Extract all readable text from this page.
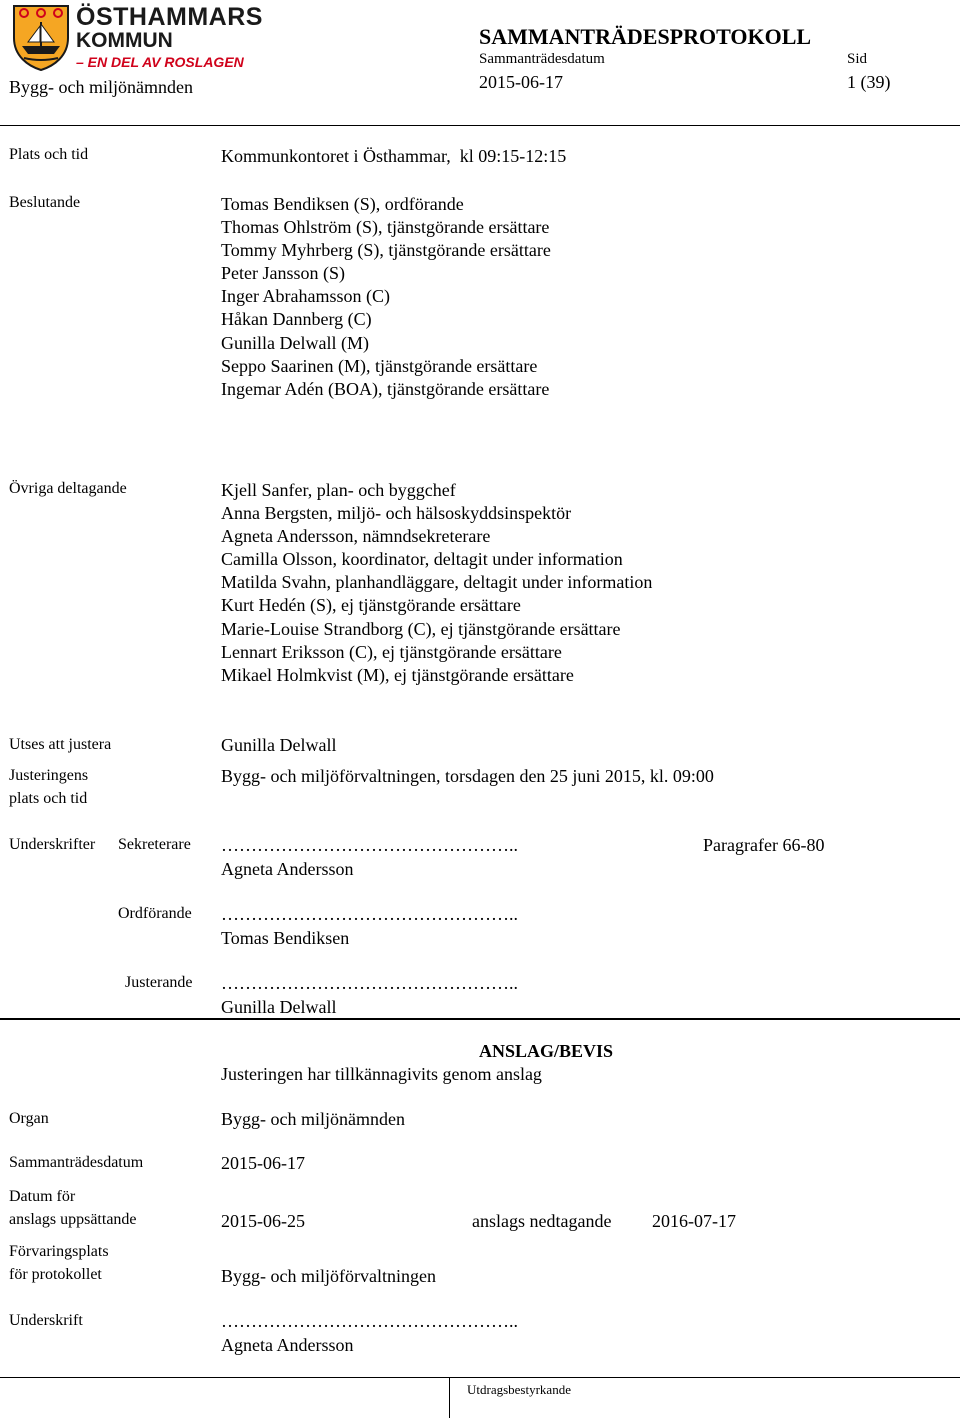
ÖSTHAMMARS
KOMMUN
– EN DEL AV ROSLAGEN
SAMMANTRÄDESPROTOKOLL
Bygg- och miljönämnden
Sammanträdesdatum
2015-06-17
Sid
1 (39)
Plats och tid	Kommunkontoret i Östhammar,  kl 09:15-12:15
Beslutande	Tomas Bendiksen (S), ordförande
Thomas Ohlström (S), tjänstgörande ersättare
Tommy Myhrberg (S), tjänstgörande ersättare
Peter Jansson (S)
Inger Abrahamsson (C)
Håkan Dannberg (C)
Gunilla Delwall (M)
Seppo Saarinen (M), tjänstgörande ersättare
Ingemar Adén (BOA), tjänstgörande ersättare
Övriga deltagande	Kjell Sanfer, plan- och byggchef
Anna Bergsten, miljö- och hälsoskyddsinspektör
Agneta Andersson, nämndsekreterare
Camilla Olsson, koordinator, deltagit under information
Matilda Svahn, planhandläggare, deltagit under information
Kurt Hedén (S), ej tjänstgörande ersättare
Marie-Louise Strandborg (C), ej tjänstgörande ersättare
Lennart Eriksson (C), ej tjänstgörande ersättare
Mikael Holmkvist (M), ej tjänstgörande ersättare
Utses att justera	Gunilla Delwall
Justeringens
plats och tid
Bygg- och miljöförvaltningen, torsdagen den 25 juni 2015, kl. 09:00
Underskrifter Sekreterare …………………………………………..
Agneta Andersson
Paragrafer 66-80
Ordförande …………………………………………..
Tomas Bendiksen
Justerande …………………………………………..
Gunilla Delwall
ANSLAG/BEVIS
Justeringen har tillkännagivits genom anslag
Organ	Bygg- och miljönämnden
Sammanträdesdatum	2015-06-17
Datum för
anslags uppsättande	2015-06-25	anslags nedtagande 2016-07-17
Förvaringsplats
för protokollet	Bygg- och miljöförvaltningen
Underskrift	…………………………………………..
Agneta Andersson
Utdragsbestyrkande
